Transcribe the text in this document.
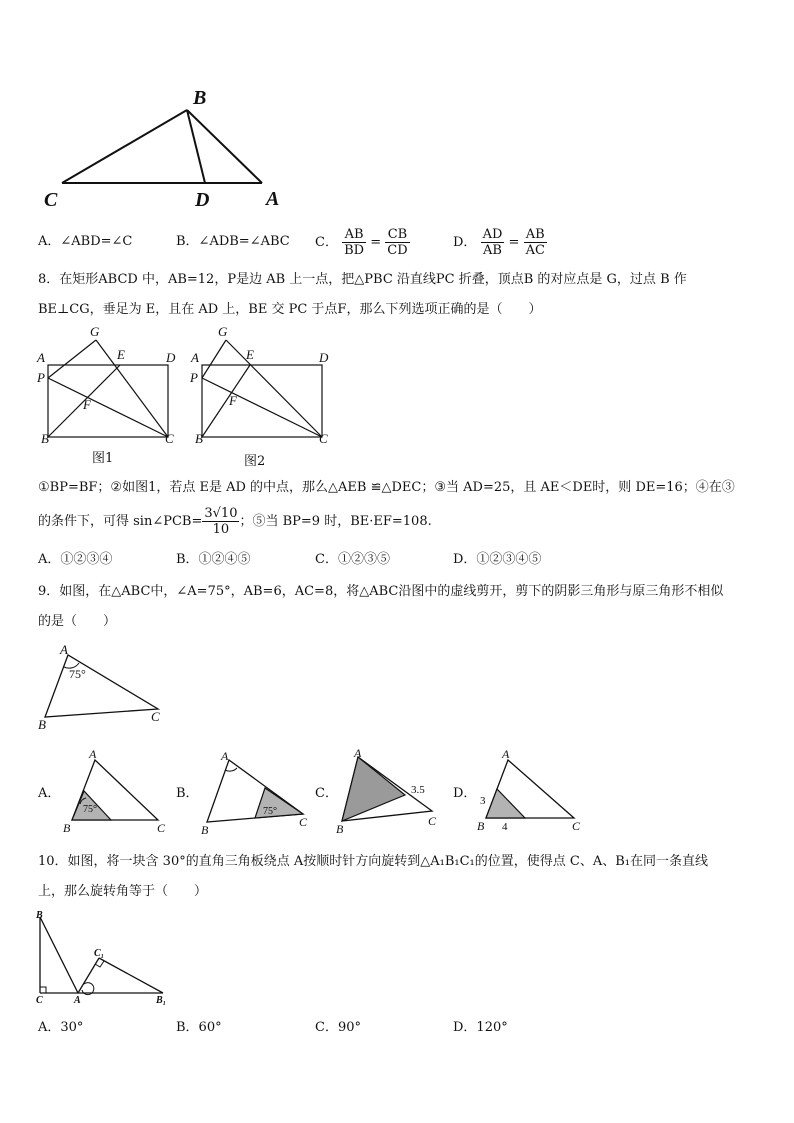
B
C	D	A
A．∠ABD=∠C	B．∠ADB=∠ABC C． $\frac{AB}{BD} = \frac{CB}{CD}$	D． $\frac{AD}{AB} = \frac{AB}{AC}$
8．在矩形ABCD 中，AB=12，P是边 AB 上一点，把△PBC 沿直线PC 折叠，顶点B 的对应点是 G，过点 B 作
BE⊥CG，垂足为 E，且在 AD 上，BE 交 PC 于点F，那么下列选项正确的是（　　）
G
A	E	D
P
F
B	C
图1
G
A	E	D
P
F
B	C
图2
①BP=BF；②如图1，若点 E是 AD 的中点，那么△AEB ≌△DEC；③当 AD=25，且 AE＜DE时，则 DE=16；④在③
的条件下，可得 sin∠PCB= $\frac{3√10}{10}$ ；⑤当 BP=9 时，BE·EF=108.
A．①②③④	B．①②④⑤	C．①②③⑤	D．①②③④⑤
9．如图，在△ABC中，∠A=75°，AB=6，AC=8，将△ABC沿图中的虚线剪开，剪下的阴影三角形与原三角形不相似
的是（　　）
A
75°
B
C
A．
A
75°
B	C
B．
A
75°
B
C
C．
A
3.5
B
C
D．
A
3
B 4	C
10．如图，将一块含 30°的直角三角板绕点 A按顺时针方向旋转到△A₁B₁C₁的位置，使得点 C、A、B₁在同一条直线
上，那么旋转角等于（　　）
B
C	A
C₁
B₁
A．30°	B．60°	C．90°	D．120°
